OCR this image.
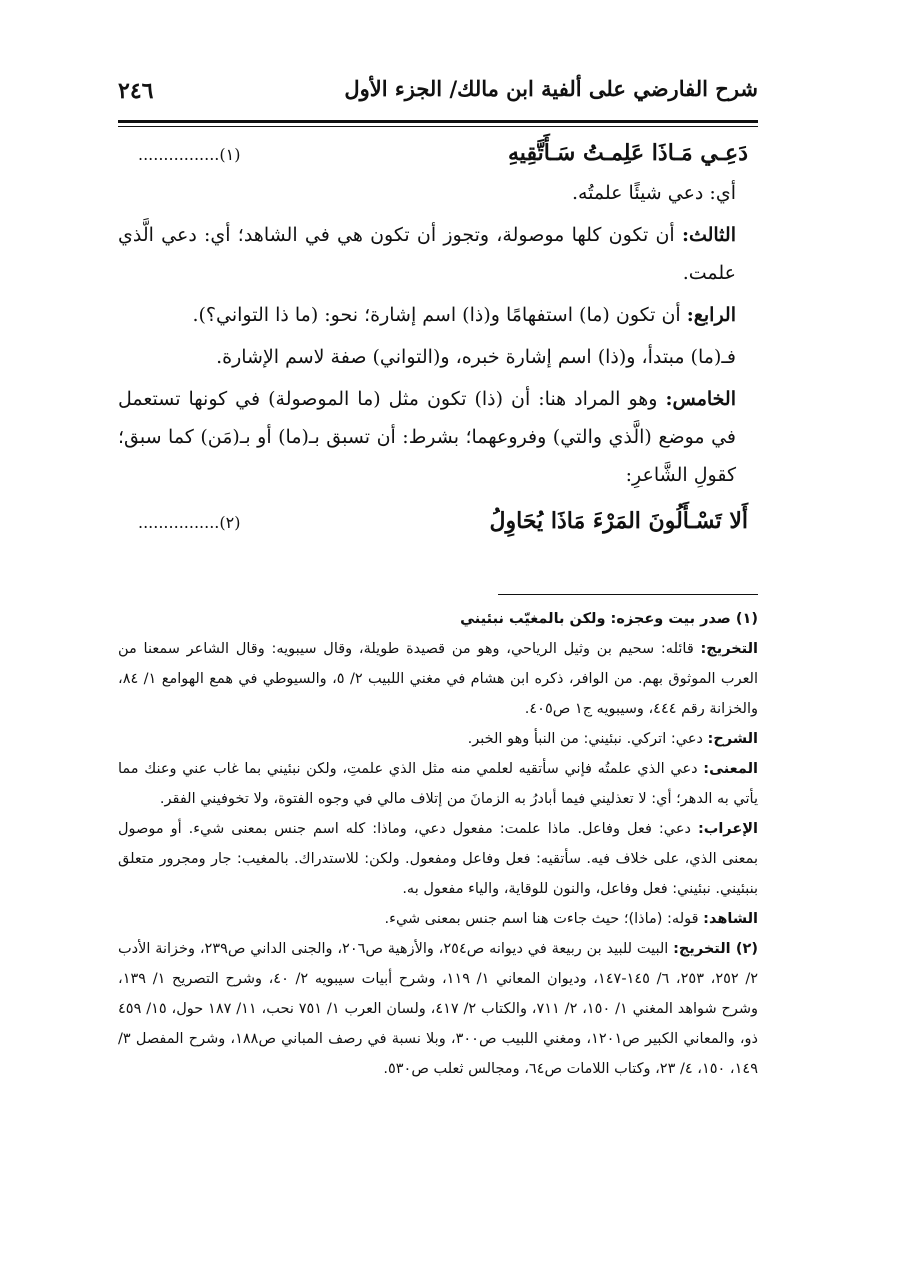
شرح الفارضي على ألفية ابن مالك/ الجزء الأول
٢٤٦
دَعِـي مَـاذَا عَلِمـتُ سَـأَتَّقِيهِ
................(١)

أي: دعي شيئًا علمتُه.

الثالث: أن تكون كلها موصولة، وتجوز أن تكون هي في الشاهد؛ أي: دعي الَّذي علمت.

الرابع: أن تكون (ما) استفهامًا و(ذا) اسم إشارة؛ نحو: (ما ذا التواني؟).

فـ(ما) مبتدأ، و(ذا) اسم إشارة خبره، و(التواني) صفة لاسم الإشارة.

الخامس: وهو المراد هنا: أن (ذا) تكون مثل (ما الموصولة) في كونها تستعمل في موضع (الَّذي والتي) وفروعهما؛ بشرط: أن تسبق بـ(ما) أو بـ(مَن) كما سبق؛ كقولِ الشَّاعرِ:

أَلا تَسْـأَلُونَ المَرْءَ مَاذَا يُحَاوِلُ
................(٢)

(١) صدر بيت وعجزه: ولكن بالمغيّب نبئيني

التخريج: قائله: سحيم بن وثيل الرياحي، وهو من قصيدة طويلة، وقال سيبويه: وقال الشاعر سمعنا من العرب الموثوق بهم. من الوافر، ذكره ابن هشام في مغني اللبيب ٢/ ٥، والسيوطي في همع الهوامع ١/ ٨٤، والخزانة رقم ٤٤٤، وسيبويه ج١ ص٤٠٥.

الشرح: دعي: اتركي. نبئيني: من النبأ وهو الخبر.

المعنى: دعي الذي علمتُه فإني سأتقيه لعلمي منه مثل الذي علمتِ، ولكن نبئيني بما غاب عني وعنك مما يأتي به الدهر؛ أي: لا تعذليني فيما أبادرُ به الزمانَ من إتلاف مالي في وجوه الفتوة، ولا تخوفيني الفقر.

الإعراب: دعي: فعل وفاعل. ماذا علمت: مفعول دعي، وماذا: كله اسم جنس بمعنى شيء. أو موصول بمعنى الذي، على خلاف فيه. سأتقيه: فعل وفاعل ومفعول. ولكن: للاستدراك. بالمغيب: جار ومجرور متعلق بنبئيني. نبئيني: فعل وفاعل، والنون للوقاية، والياء مفعول به.

الشاهد: قوله: (ماذا)؛ حيث جاءت هنا اسم جنس بمعنى شيء.

(٢) التخريج: البيت للبيد بن ربيعة في ديوانه ص٢٥٤، والأزهية ص٢٠٦، والجنى الداني ص٢٣٩، وخزانة الأدب ٢/ ٢٥٢، ٢٥٣، ٦/ ١٤٥-١٤٧، وديوان المعاني ١/ ١١٩، وشرح أبيات سيبويه ٢/ ٤٠، وشرح التصريح ١/ ١٣٩، وشرح شواهد المغني ١/ ١٥٠، ٢/ ٧١١، والكتاب ٢/ ٤١٧، ولسان العرب ١/ ٧٥١ نحب، ١١/ ١٨٧ حول، ١٥/ ٤٥٩ ذو، والمعاني الكبير ص١٢٠١، ومغني اللبيب ص٣٠٠، وبلا نسبة في رصف المباني ص١٨٨، وشرح المفصل ٣/ ١٤٩، ١٥٠، ٤/ ٢٣، وكتاب اللامات ص٦٤، ومجالس ثعلب ص٥٣٠.
